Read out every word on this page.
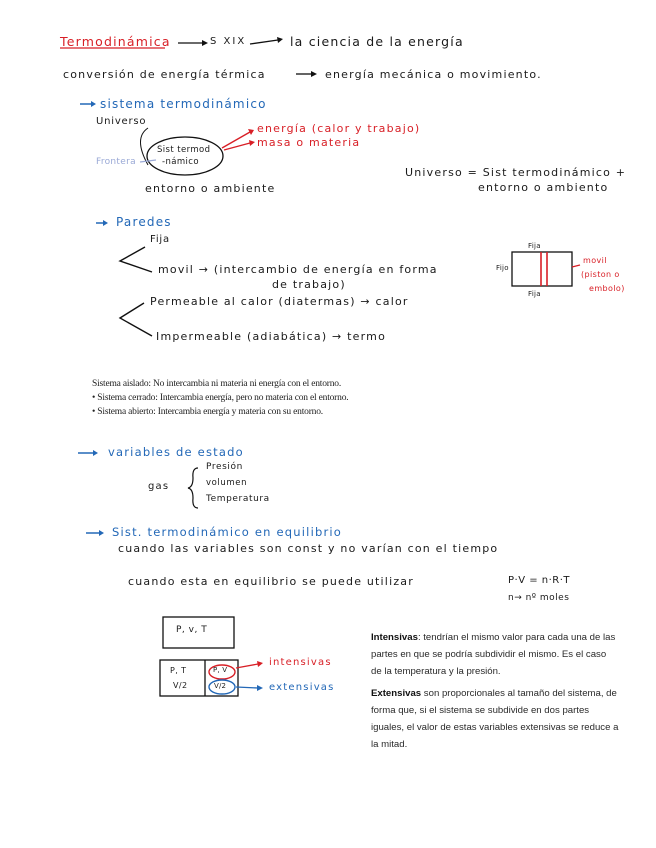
Termodinámica	S XIX	la ciencia de la energía
conversión de energía térmica	energía mecánica o movimiento.
sistema termodinámico
Universo
Sist termod
-námico
Frontera
energía (calor y trabajo)
masa o materia
entorno o ambiente
Universo = Sist termodinámico +
entorno o ambiento
Paredes
Fija
movil → (intercambio de energía en forma
de trabajo)
Permeable al calor (diatermas) → calor
Impermeable (adiabática) → termo
Fija
Fijo
Fija
movil
(piston o
embolo)
Sistema aislado: No intercambia ni materia ni energía con el entorno.
• Sistema cerrado: Intercambia energía, pero no materia con el entorno.
• Sistema abierto: Intercambia energía y materia con su entorno.
variables de estado
gas
Presión
volumen
Temperatura
Sist. termodinámico en equilibrio
cuando las variables son const y no varían con el tiempo
cuando esta en equilibrio se puede utilizar	P·V = n·R·T
n→ nº moles
P, v, T
P, T
V/2
P, V
V/2
intensivas
extensivas
Intensivas: tendrían el mismo valor para cada una de las partes en que se podría subdividir el mismo. Es el caso de la temperatura y la presión.
Extensivas son proporcionales al tamaño del sistema, de forma que, si el sistema se subdivide en dos partes iguales, el valor de estas variables extensivas se reduce a la mitad.
